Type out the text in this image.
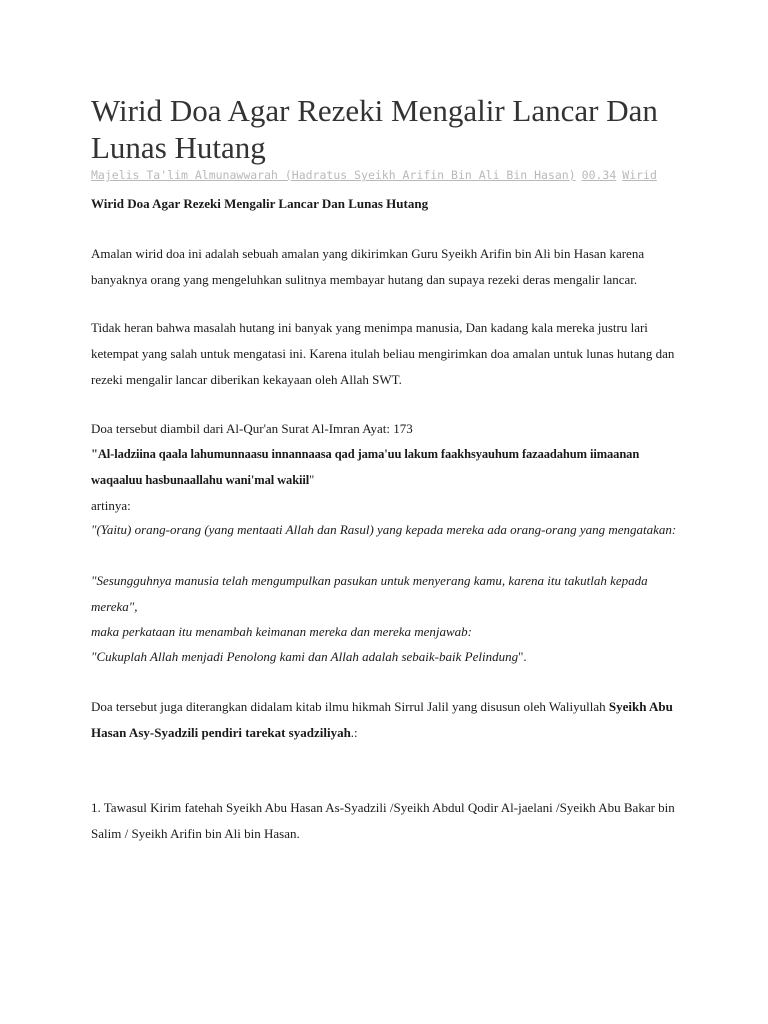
Wirid Doa Agar Rezeki Mengalir Lancar Dan Lunas Hutang
Majelis Ta'lim Almunawwarah (Hadratus Syeikh Arifin Bin Ali Bin Hasan) 00.34 Wirid
Wirid Doa Agar Rezeki Mengalir Lancar Dan Lunas Hutang
Amalan wirid doa ini adalah sebuah amalan yang dikirimkan Guru Syeikh Arifin bin Ali bin Hasan karena banyaknya orang yang mengeluhkan sulitnya membayar hutang dan supaya rezeki deras mengalir lancar.
Tidak heran bahwa masalah hutang ini banyak yang menimpa manusia, Dan kadang kala mereka justru lari ketempat yang salah untuk mengatasi ini. Karena itulah beliau mengirimkan doa amalan untuk lunas hutang dan rezeki mengalir lancar diberikan kekayaan oleh Allah SWT.
Doa tersebut diambil dari Al-Qur'an Surat Al-Imran Ayat: 173
"Al-ladziina qaala lahumunnaasu innannaasa qad jama'uu lakum faakhsyauhum fazaadahum iimaanan
waqaaluu hasbunaallahu wani'mal wakiil"
artinya:
"(Yaitu) orang-orang (yang mentaati Allah dan Rasul) yang kepada mereka ada orang-orang yang mengatakan:
"Sesungguhnya manusia telah mengumpulkan pasukan untuk menyerang kamu, karena itu takutlah kepada mereka",
maka perkataan itu menambah keimanan mereka dan mereka menjawab:
"Cukuplah Allah menjadi Penolong kami dan Allah adalah sebaik-baik Pelindung".
Doa tersebut juga diterangkan didalam kitab ilmu hikmah Sirrul Jalil yang disusun oleh Waliyullah Syeikh Abu Hasan Asy-Syadzili pendiri tarekat syadziliyah.:
1. Tawasul Kirim fatehah Syeikh Abu Hasan As-Syadzili /Syeikh Abdul Qodir Al-jaelani /Syeikh Abu Bakar bin Salim / Syeikh Arifin bin Ali bin Hasan.
